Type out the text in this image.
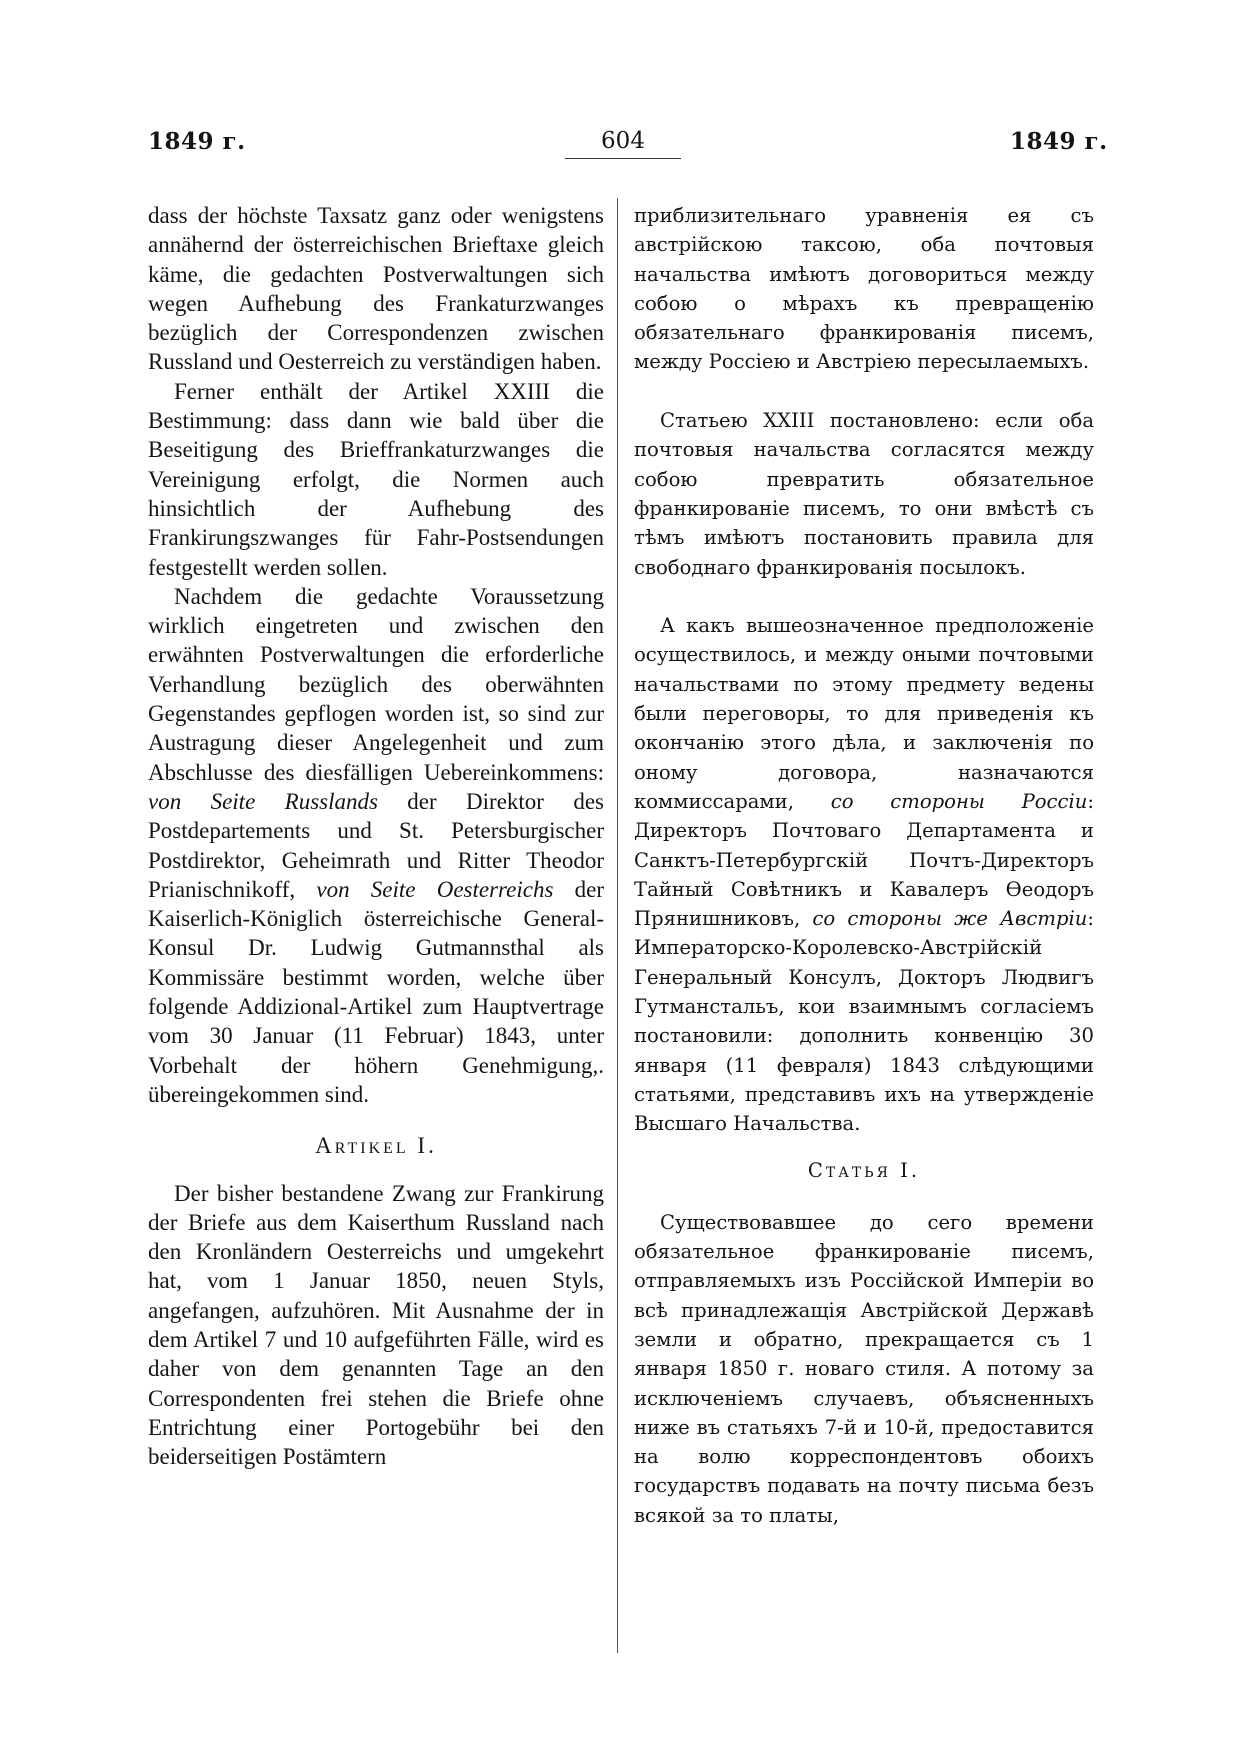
1849 г.	604	1849 г.

dass der höchste Taxsatz ganz oder wenigstens annähernd der österreichischen Brieftaxe gleich käme, die gedachten Postverwaltungen sich wegen Aufhebung des Frankaturzwanges bezüglich der Correspondenzen zwischen Russland und Oesterreich zu verständigen haben.

Ferner enthält der Artikel XXIII die Bestimmung: dass dann wie bald über die Beseitigung des Brieffrankaturzwanges die Vereinigung erfolgt, die Normen auch hinsichtlich der Aufhebung des Frankirungszwanges für Fahr-Postsendungen festgestellt werden sollen.

Nachdem die gedachte Voraussetzung wirklich eingetreten und zwischen den erwähnten Postverwaltungen die erforderliche Verhandlung bezüglich des oberwähnten Gegenstandes gepflogen worden ist, so sind zur Austragung dieser Angelegenheit und zum Abschlusse des diesfälligen Uebereinkommens: von Seite Russlands der Direktor des Postdepartements und St. Petersburgischer Postdirektor, Geheimrath und Ritter Theodor Prianischnikoff, von Seite Oesterreichs der Kaiserlich-Königlich österreichische General-Konsul Dr. Ludwig Gutmannsthal als Kommissäre bestimmt worden, welche über folgende Addizional-Artikel zum Hauptvertrage vom 30 Januar (11 Februar) 1843, unter Vorbehalt der höhern Genehmigung,. übereingekommen sind.

Artikel I.

Der bisher bestandene Zwang zur Frankirung der Briefe aus dem Kaiserthum Russland nach den Kronländern Oesterreichs und umgekehrt hat, vom 1 Januar 1850, neuen Styls, angefangen, aufzuhören. Mit Ausnahme der in dem Artikel 7 und 10 aufgeführten Fälle, wird es daher von dem genannten Tage an den Correspondenten frei stehen die Briefe ohne Entrichtung einer Portogebühr bei den beiderseitigen Postämtern

приблизительнаго уравненія ея съ австрійскою таксою, оба почтовыя начальства имѣютъ договориться между собою о мѣрахъ къ превращенію обязательнаго франкированія писемъ, между Россіею и Австріею пересылаемыхъ.

Статьею XXIII постановлено: если оба почтовыя начальства согласятся между собою превратить обязательное франкированіе писемъ, то они вмѣстѣ съ тѣмъ имѣютъ постановить правила для свободнаго франкированія посылокъ.

А какъ вышеозначенное предположеніе осуществилось, и между оными почтовыми начальствами по этому предмету ведены были переговоры, то для приведенія къ окончанію этого дѣла, и заключенія по оному договора, назначаются коммиссарами, со стороны Россіи: Директоръ Почтоваго Департамента и Санктъ-Петербургскій Почтъ-Директоръ Тайный Совѣтникъ и Кавалеръ Ѳеодоръ Прянишниковъ, со стороны же Австріи: Императорско-Королевско-Австрійскій Генеральный Консулъ, Докторъ Людвигъ Гутманстальъ, кои взаимнымъ согласіемъ постановили: дополнить конвенцію 30 января (11 февраля) 1843 слѣдующими статьями, представивъ ихъ на утвержденіе Высшаго Начальства.

Статья I.

Существовавшее до сего времени обязательное франкированіе писемъ, отправляемыхъ изъ Россійской Имперіи во всѣ принадлежащія Австрійской Державѣ земли и обратно, прекращается съ 1 января 1850 г. новаго стиля. А потому за исключеніемъ случаевъ, объясненныхъ ниже въ статьяхъ 7-й и 10-й, предоставится на волю корреспондентовъ обоихъ государствъ подавать на почту письма безъ всякой за то платы,
